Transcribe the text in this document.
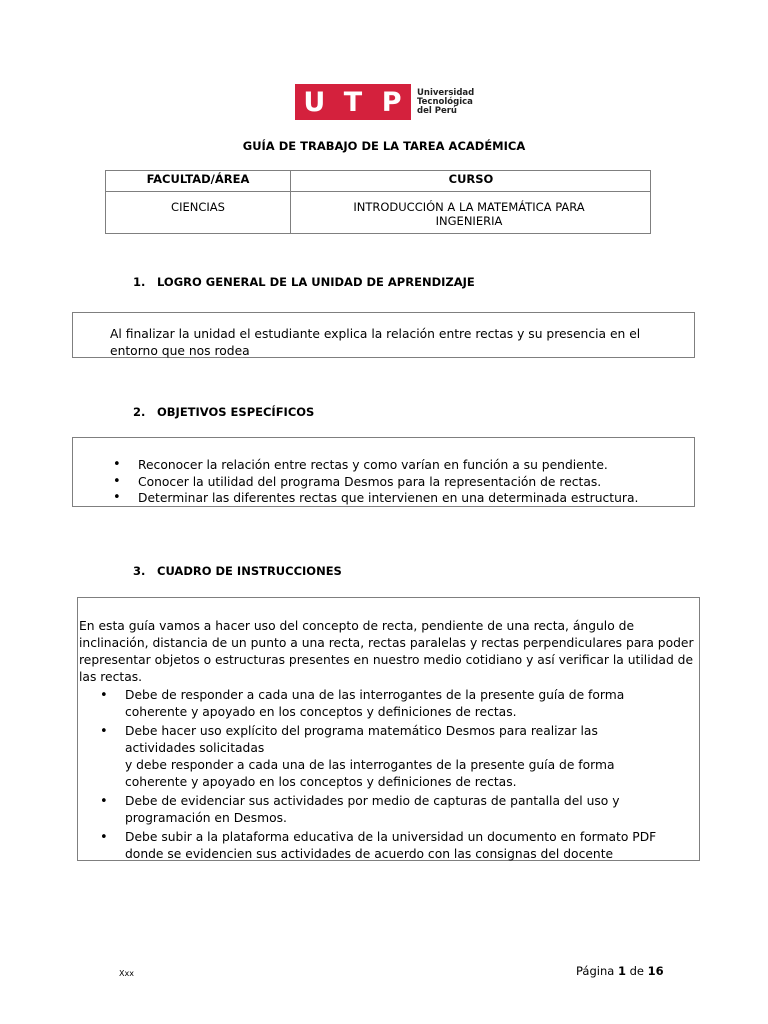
U T P	Universidad
Tecnológica
del Perú
GUÍA DE TRABAJO DE LA TAREA ACADÉMICA
FACULTAD/ÁREA	CURSO
CIENCIAS	INTRODUCCIÓN A LA MATEMÁTICA PARA INGENIERIA
1. LOGRO GENERAL DE LA UNIDAD DE APRENDIZAJE
Al finalizar la unidad el estudiante explica la relación entre rectas y su presencia en el entorno que nos rodea
2. OBJETIVOS ESPECÍFICOS
• Reconocer la relación entre rectas y como varían en función a su pendiente.
• Conocer la utilidad del programa Desmos para la representación de rectas.
• Determinar las diferentes rectas que intervienen en una determinada estructura.
3. CUADRO DE INSTRUCCIONES
En esta guía vamos a hacer uso del concepto de recta, pendiente de una recta, ángulo de inclinación, distancia de un punto a una recta, rectas paralelas y rectas perpendiculares para poder representar objetos o estructuras presentes en nuestro medio cotidiano y así verificar la utilidad de las rectas.
• Debe de responder a cada una de las interrogantes de la presente guía de forma coherente y apoyado en los conceptos y definiciones de rectas.
• Debe hacer uso explícito del programa matemático Desmos para realizar las actividades solicitadas
y debe responder a cada una de las interrogantes de la presente guía de forma coherente y apoyado en los conceptos y definiciones de rectas.
• Debe de evidenciar sus actividades por medio de capturas de pantalla del uso y programación en Desmos.
• Debe subir a la plataforma educativa de la universidad un documento en formato PDF donde se evidencien sus actividades de acuerdo con las consignas del docente
Xxx	Página 1 de 16
